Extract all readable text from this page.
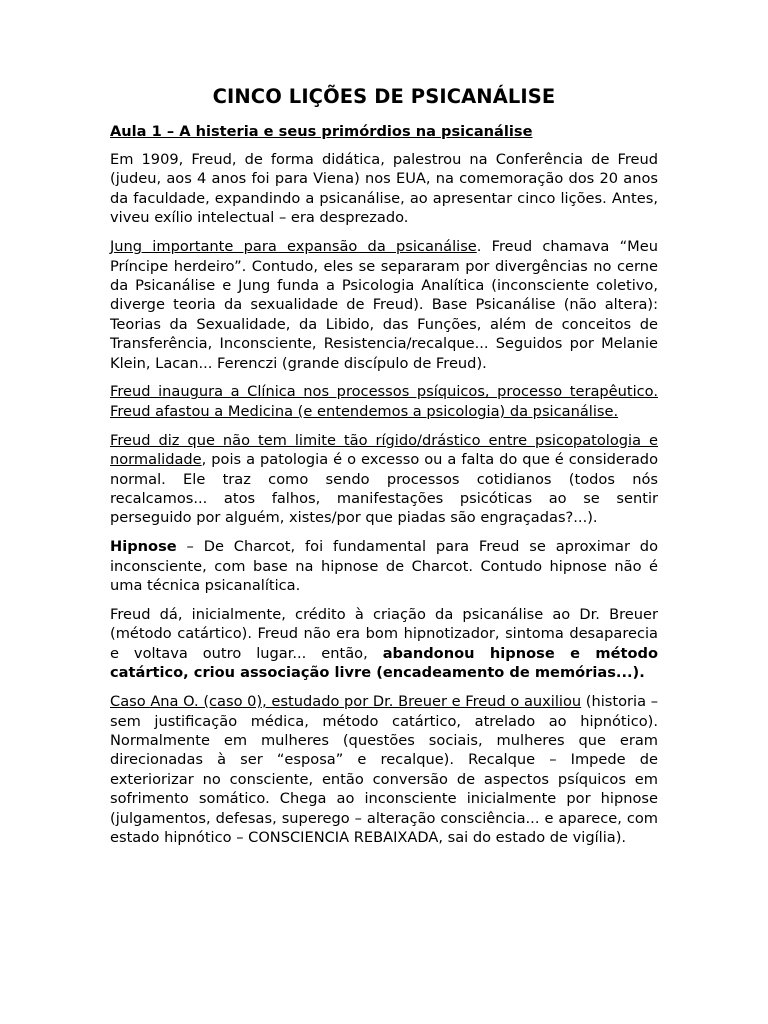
CINCO LIÇÕES DE PSICANÁLISE
Aula 1 – A histeria e seus primórdios na psicanálise

Em 1909, Freud, de forma didática, palestrou na Conferência de Freud (judeu, aos 4 anos foi para Viena) nos EUA, na comemoração dos 20 anos da faculdade, expandindo a psicanálise, ao apresentar cinco lições. Antes, viveu exílio intelectual – era desprezado.

Jung importante para expansão da psicanálise. Freud chamava “Meu Príncipe herdeiro”. Contudo, eles se separaram por divergências no cerne da Psicanálise e Jung funda a Psicologia Analítica (inconsciente coletivo, diverge teoria da sexualidade de Freud). Base Psicanálise (não altera): Teorias da Sexualidade, da Libido, das Funções, além de conceitos de Transferência, Inconsciente, Resistencia/recalque... Seguidos por Melanie Klein, Lacan... Ferenczi (grande discípulo de Freud).

Freud inaugura a Clínica nos processos psíquicos, processo terapêutico. Freud afastou a Medicina (e entendemos a psicologia) da psicanálise.

Freud diz que não tem limite tão rígido/drástico entre psicopatologia e normalidade, pois a patologia é o excesso ou a falta do que é considerado normal. Ele traz como sendo processos cotidianos (todos nós recalcamos... atos falhos, manifestações psicóticas ao se sentir perseguido por alguém, xistes/por que piadas são engraçadas?...).

Hipnose – De Charcot, foi fundamental para Freud se aproximar do inconsciente, com base na hipnose de Charcot. Contudo hipnose não é uma técnica psicanalítica.

Freud dá, inicialmente, crédito à criação da psicanálise ao Dr. Breuer (método catártico). Freud não era bom hipnotizador, sintoma desaparecia e voltava outro lugar... então, abandonou hipnose e método catártico, criou associação livre (encadeamento de memórias...).

Caso Ana O. (caso 0), estudado por Dr. Breuer e Freud o auxiliou (historia – sem justificação médica, método catártico, atrelado ao hipnótico). Normalmente em mulheres (questões sociais, mulheres que eram direcionadas à ser “esposa” e recalque). Recalque – Impede de exteriorizar no consciente, então conversão de aspectos psíquicos em sofrimento somático. Chega ao inconsciente inicialmente por hipnose (julgamentos, defesas, superego – alteração consciência... e aparece, com estado hipnótico – CONSCIENCIA REBAIXADA, sai do estado de vigília).
